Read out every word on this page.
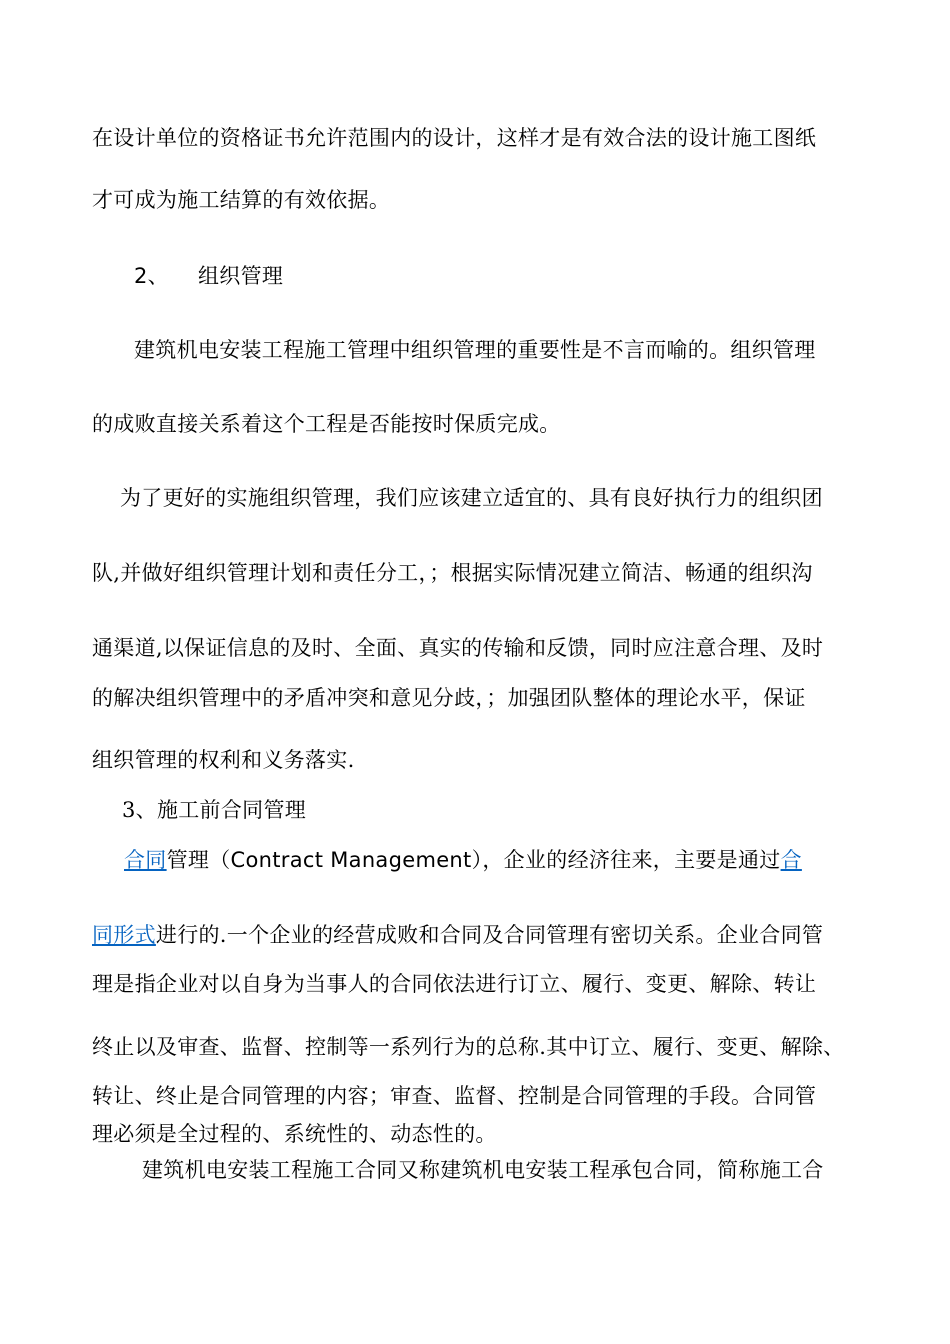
在设计单位的资格证书允许范围内的设计，这样才是有效合法的设计施工图纸
才可成为施工结算的有效依据。
2、 组织管理
建筑机电安装工程施工管理中组织管理的重要性是不言而喻的。组织管理
的成败直接关系着这个工程是否能按时保质完成。
为了更好的实施组织管理，我们应该建立适宜的、具有良好执行力的组织团
队,并做好组织管理计划和责任分工，；根据实际情况建立简洁、畅通的组织沟
通渠道,以保证信息的及时、全面、真实的传输和反馈，同时应注意合理、及时
的解决组织管理中的矛盾冲突和意见分歧，；加强团队整体的理论水平，保证
组织管理的权利和义务落实.
3、施工前合同管理
合同管理（Contract Management），企业的经济往来，主要是通过合
同形式进行的.一个企业的经营成败和合同及合同管理有密切关系。企业合同管
理是指企业对以自身为当事人的合同依法进行订立、履行、变更、解除、转让
终止以及审查、监督、控制等一系列行为的总称.其中订立、履行、变更、解除、
转让、终止是合同管理的内容；审查、监督、控制是合同管理的手段。合同管
理必须是全过程的、系统性的、动态性的。
建筑机电安装工程施工合同又称建筑机电安装工程承包合同，简称施工合
